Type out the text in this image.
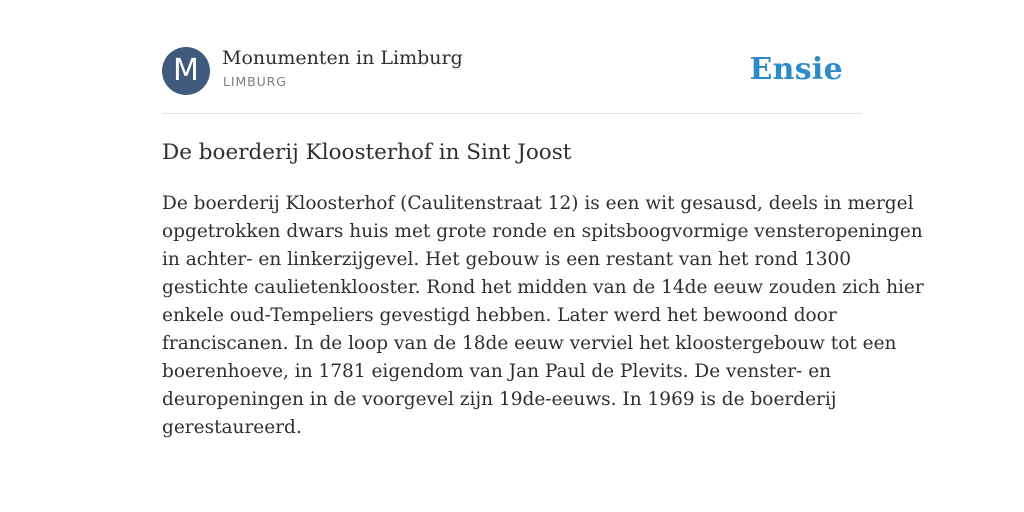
M	Monumenten in Limburg
LIMBURG	Ensie
De boerderij Kloosterhof in Sint Joost

De boerderij Kloosterhof (Caulitenstraat 12) is een wit gesausd, deels in mergel
opgetrokken dwars huis met grote ronde en spitsboogvormige vensteropeningen
in achter- en linkerzijgevel. Het gebouw is een restant van het rond 1300
gestichte caulietenklooster. Rond het midden van de 14de eeuw zouden zich hier
enkele oud-Tempeliers gevestigd hebben. Later werd het bewoond door
franciscanen. In de loop van de 18de eeuw verviel het kloostergebouw tot een
boerenhoeve, in 1781 eigendom van Jan Paul de Plevits. De venster- en
deuropeningen in de voorgevel zijn 19de-eeuws. In 1969 is de boerderij
gerestaureerd.
